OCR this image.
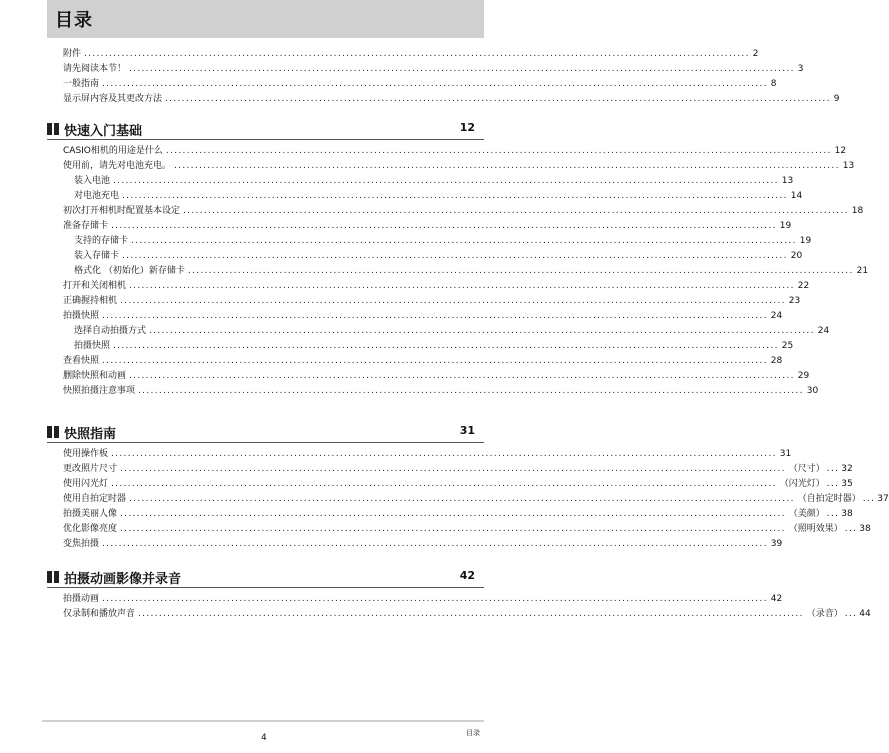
目录
附件 ................................................................................................................................................................ 2
请先阅读本节！ ................................................................................................................................................................ 3
一般指南 ................................................................................................................................................................ 8
显示屏内容及其更改方法 ................................................................................................................................................................ 9
快速入门基础	12
CASIO相机的用途是什么 ................................................................................................................................................................ 12
使用前，请先对电池充电。 ................................................................................................................................................................ 13
装入电池 ................................................................................................................................................................ 13
对电池充电 ................................................................................................................................................................ 14
初次打开相机时配置基本设定 ................................................................................................................................................................ 18
准备存储卡 ................................................................................................................................................................ 19
支持的存储卡 ................................................................................................................................................................ 19
装入存储卡 ................................................................................................................................................................ 20
格式化 （初始化）新存储卡 ................................................................................................................................................................ 21
打开和关闭相机 ................................................................................................................................................................ 22
正确握持相机 ................................................................................................................................................................ 23
拍摄快照 ................................................................................................................................................................ 24
选择自动拍摄方式 ................................................................................................................................................................ 24
拍摄快照 ................................................................................................................................................................ 25
查看快照 ................................................................................................................................................................ 28
删除快照和动画 ................................................................................................................................................................ 29
快照拍摄注意事项 ................................................................................................................................................................ 30
快照指南	31
使用操作板 ................................................................................................................................................................ 31
更改照片尺寸 ................................................................................................................................................................ （尺寸） ... 32
使用闪光灯 ................................................................................................................................................................ （闪光灯） ... 35
使用自拍定时器 ................................................................................................................................................................ （自拍定时器） ... 37
拍摄美丽人像 ................................................................................................................................................................ （美颜） ... 38
优化影像亮度 ................................................................................................................................................................ （照明效果） ... 38
变焦拍摄 ................................................................................................................................................................ 39
拍摄动画影像并录音	42
拍摄动画 ................................................................................................................................................................ 42
仅录制和播放声音 ................................................................................................................................................................ （录音） ... 44
4	目录
